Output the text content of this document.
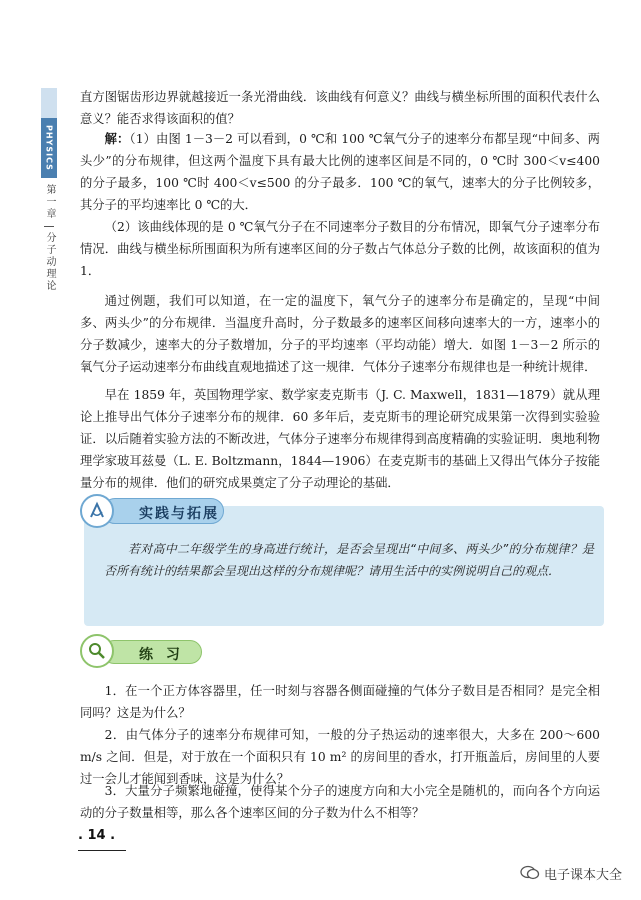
PHYSICS
第一章
分子动理论

直方图锯齿形边界就越接近一条光滑曲线．该曲线有何意义？曲线与横坐标所围的面积代表什么意义？能否求得该面积的值？

解：（1）由图 1－3－2 可以看到，0 ℃和 100 ℃氧气分子的速率分布都呈现“中间多、两头少”的分布规律，但这两个温度下具有最大比例的速率区间是不同的，0 ℃时 300＜v≤400 的分子最多，100 ℃时 400＜v≤500 的分子最多．100 ℃的氧气，速率大的分子比例较多，其分子的平均速率比 0 ℃的大．

（2）该曲线体现的是 0 ℃氧气分子在不同速率分子数目的分布情况，即氧气分子速率分布情况．曲线与横坐标所围面积为所有速率区间的分子数占气体总分子数的比例，故该面积的值为 1．

通过例题，我们可以知道，在一定的温度下，氧气分子的速率分布是确定的，呈现“中间多、两头少”的分布规律．当温度升高时，分子数最多的速率区间移向速率大的一方，速率小的分子数减少，速率大的分子数增加，分子的平均速率（平均动能）增大．如图 1－3－2 所示的氧气分子运动速率分布曲线直观地描述了这一规律．气体分子速率分布规律也是一种统计规律．

早在 1859 年，英国物理学家、数学家麦克斯韦（J. C. Maxwell，1831—1879）就从理论上推导出气体分子速率分布的规律．60 多年后，麦克斯韦的理论研究成果第一次得到实验验证．以后随着实验方法的不断改进，气体分子速率分布规律得到高度精确的实验证明．奥地利物理学家玻耳兹曼（L. E. Boltzmann，1844—1906）在麦克斯韦的基础上又得出气体分子按能量分布的规律．他们的研究成果奠定了分子动理论的基础．

实践与拓展

若对高中二年级学生的身高进行统计，是否会呈现出“中间多、两头少”的分布规律？是否所有统计的结果都会呈现出这样的分布规律呢？请用生活中的实例说明自己的观点．

练 习

1．在一个正方体容器里，任一时刻与容器各侧面碰撞的气体分子数目是否相同？是完全相同吗？这是为什么？

2．由气体分子的速率分布规律可知，一般的分子热运动的速率很大，大多在 200～600 m/s 之间．但是，对于放在一个面积只有 10 m² 的房间里的香水，打开瓶盖后，房间里的人要过一会儿才能闻到香味，这是为什么？

3．大量分子频繁地碰撞，使得某个分子的速度方向和大小完全是随机的，而向各个方向运动的分子数量相等，那么各个速率区间的分子数为什么不相等？

. 14 .
电子课本大全
